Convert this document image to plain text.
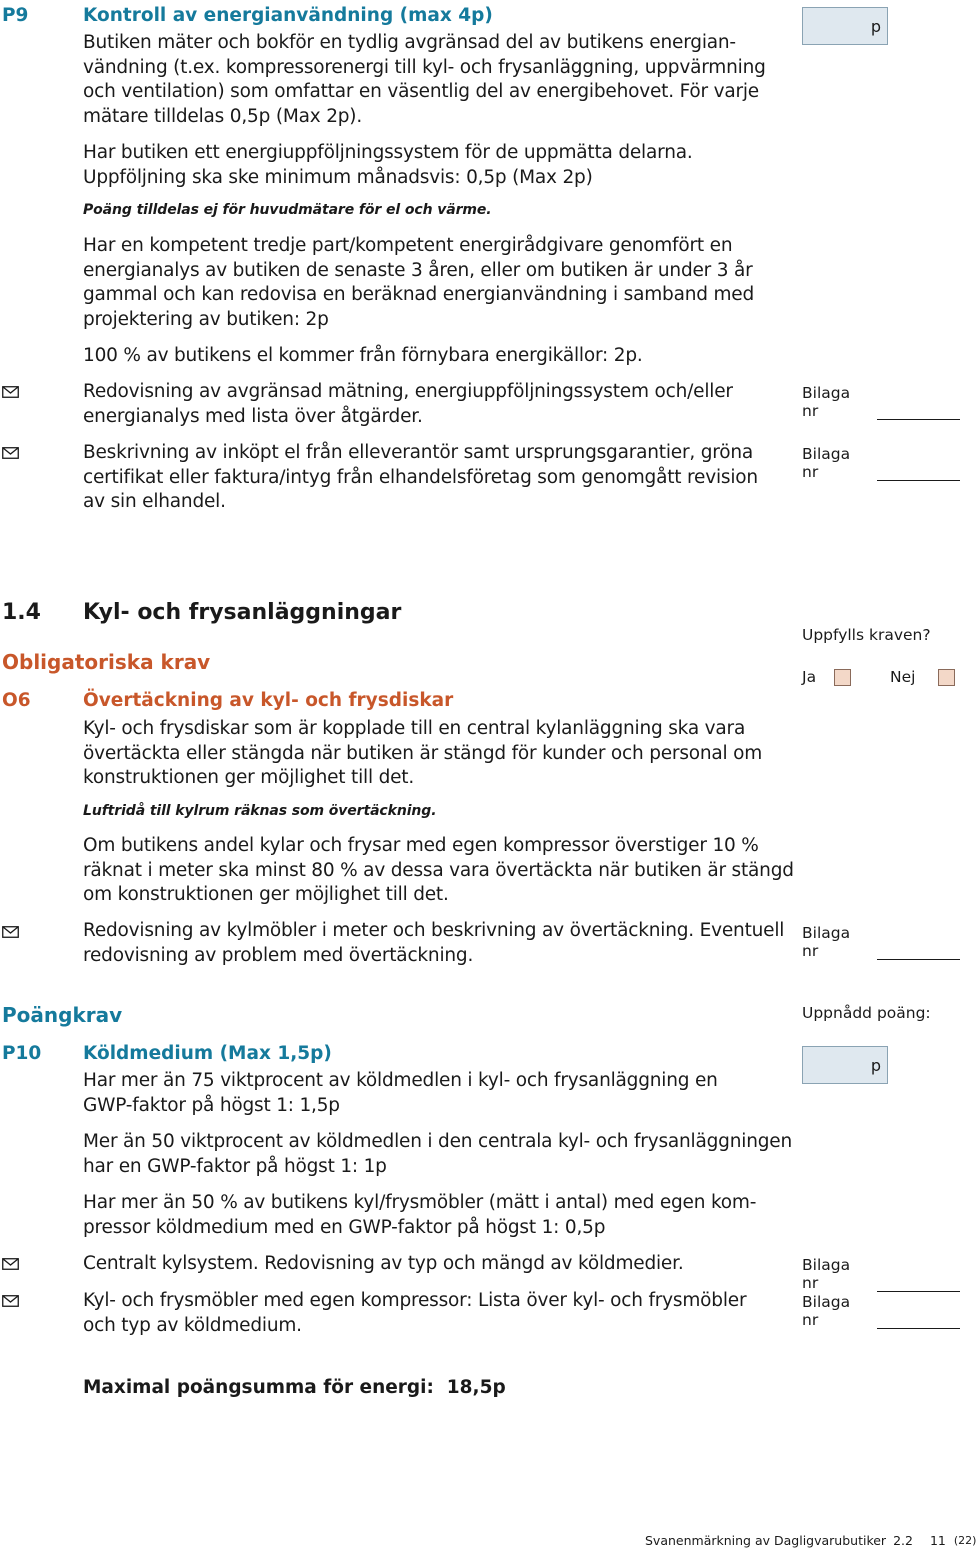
P9	Kontroll av energianvändning (max 4p)
Butiken mäter och bokför en tydlig avgränsad del av butikens energian-
vändning (t.ex. kompressorenergi till kyl- och frysanläggning, uppvärmning
och ventilation) som omfattar en väsentlig del av energibehovet. För varje
mätare tilldelas 0,5p (Max 2p).
Har butiken ett energiuppföljningssystem för de uppmätta delarna.
Uppföljning ska ske minimum månadsvis: 0,5p (Max 2p)
Poäng tilldelas ej för huvudmätare för el och värme.
Har en kompetent tredje part/kompetent energirådgivare genomfört en
energianalys av butiken de senaste 3 åren, eller om butiken är under 3 år
gammal och kan redovisa en beräknad energianvändning i samband med
projektering av butiken: 2p
100 % av butikens el kommer från förnybara energikällor: 2p.
p
Redovisning av avgränsad mätning, energiuppföljningssystem och/eller
energianalys med lista över åtgärder.
Bilaga nr
Beskrivning av inköpt el från elleverantör samt ursprungsgarantier, gröna
certifikat eller faktura/intyg från elhandelsföretag som genomgått revision
av sin elhandel.
Bilaga nr
1.4 Kyl- och frysanläggningar
Obligatoriska krav
Uppfylls kraven?
Ja	Nej
O6	Övertäckning av kyl- och frysdiskar
Kyl- och frysdiskar som är kopplade till en central kylanläggning ska vara
övertäckta eller stängda när butiken är stängd för kunder och personal om
konstruktionen ger möjlighet till det.
Luftridå till kylrum räknas som övertäckning.
Om butikens andel kylar och frysar med egen kompressor överstiger 10 %
räknat i meter ska minst 80 % av dessa vara övertäckta när butiken är stängd
om konstruktionen ger möjlighet till det.
Redovisning av kylmöbler i meter och beskrivning av övertäckning. Eventuell
redovisning av problem med övertäckning.
Bilaga nr
Poängkrav	Uppnådd poäng:
P10 Köldmedium (Max 1,5p)
p
Har mer än 75 viktprocent av köldmedlen i kyl- och frysanläggning en
GWP-faktor på högst 1: 1,5p
Mer än 50 viktprocent av köldmedlen i den centrala kyl- och frysanläggningen
har en GWP-faktor på högst 1: 1p
Har mer än 50 % av butikens kyl/frysmöbler (mätt i antal) med egen kom-
pressor köldmedium med en GWP-faktor på högst 1: 0,5p
Centralt kylsystem. Redovisning av typ och mängd av köldmedier.	Bilaga nr
Kyl- och frysmöbler med egen kompressor: Lista över kyl- och frysmöbler
och typ av köldmedium.
Bilaga nr
Maximal poängsumma för energi:  18,5p
Svanenmärkning av Dagligvarubutiker 2.2 11 (22)
